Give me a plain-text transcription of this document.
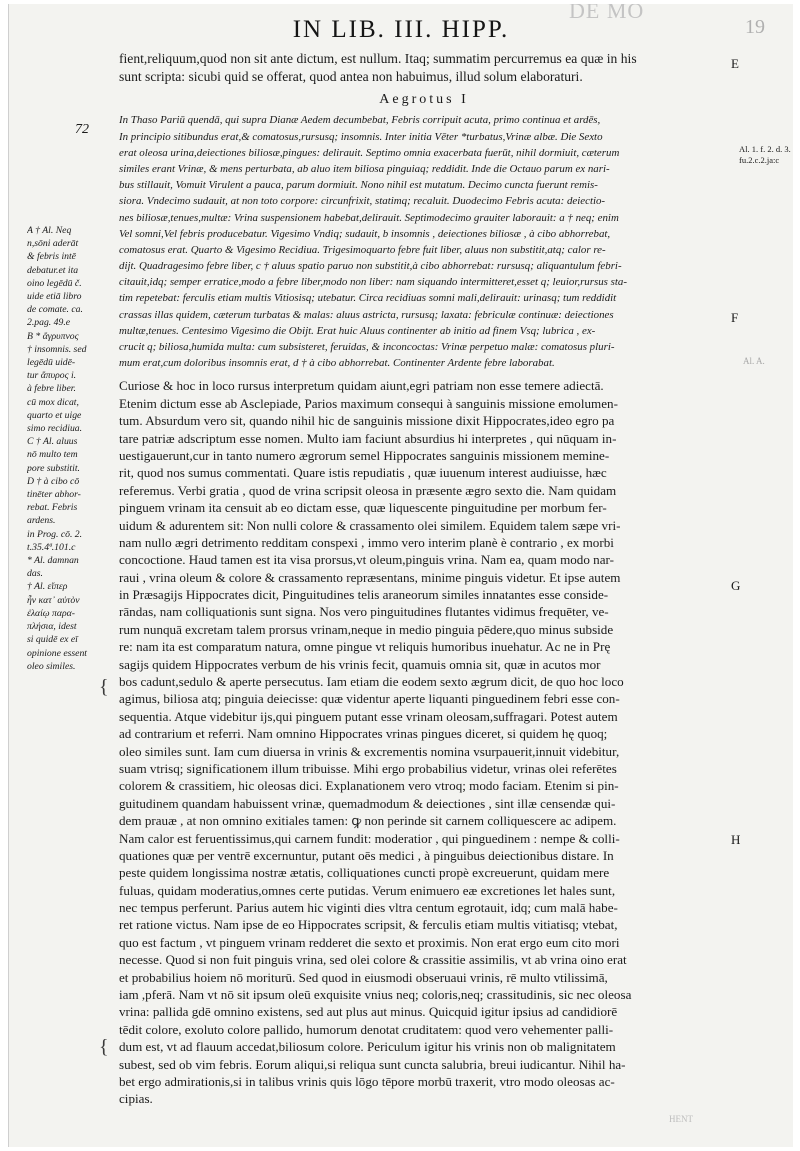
DE MO
IN LIB. III. HIPP.	19
72
fient,reliquum,quod non sit ante dictum, est nullum. Itaq; summatim percurremus ea quæ in his
sunt scripta: sicubi quid se offerat, quod antea non habuimus, illud solum elaboraturi.
Aegrotus I
In Thaso Pariū quendā, qui supra Dianæ Aedem decumbebat, Febris corripuit acuta, primo continua et ardēs,
In principio sitibundus erat,& comatosus,rursusq; insomnis. Inter initia Vēter *turbatus,Vrinæ albæ. Die Sexto
erat oleosa urina,deiectiones biliosæ,pingues: delirauit. Septimo omnia exacerbata fuerūt, nihil dormiuit, cæterum
similes erant Vrinæ, & mens perturbata, ab aluo item biliosa pinguiaq; reddidit. Inde die Octauo parum ex nari-
bus stillauit, Vomuit Virulent a pauca, parum dormiuit. Nono nihil est mutatum. Decimo cuncta fuerunt remis-
siora. Vndecimo sudauit, at non toto corpore: circunfrixit, statimq; recaluit. Duodecimo Febris acuta: deiectio-
nes biliosæ,tenues,multæ: Vrina suspensionem habebat,delirauit. Septimodecimo grauiter laborauit: a † neq; enim
Vel somni,Vel febris producebatur. Vigesimo Vndiq; sudauit, b insomnis , deiectiones biliosæ , à cibo abhorrebat,
comatosus erat. Quarto & Vigesimo Recidiua. Trigesimoquarto febre fuit liber, aluus non substitit,atq; calor re-
dijt. Quadragesimo febre liber, c † aluus spatio paruo non substitit,à cibo abhorrebat: rursusq; aliquantulum febri-
citauit,idq; semper erratice,modo a febre liber,modo non liber: nam siquando intermitteret,esset q; leuior,rursus sta-
tim repetebat: ferculis etiam multis Vitiosisq; utebatur. Circa recidiuas somni mali,delirauit: urinasq; tum reddidit
crassas illas quidem, cæterum turbatas & malas: aluus astricta, rursusq; laxata: febriculæ continuæ: deiectiones
multæ,tenues. Centesimo Vigesimo die Obijt. Erat huic Aluus continenter ab initio ad finem Vsq; lubrica , ex-
crucit q; biliosa,humida multa: cum subsisteret, feruidas, & inconcoctas: Vrinæ perpetuo malæ: comatosus pluri-
mum erat,cum doloribus insomnis erat, d † à cibo abhorrebat. Continenter Ardente febre laborabat.
Curiose & hoc in loco rursus interpretum quidam aiunt,egri patriam non esse temere adiectā.
Etenim dictum esse ab Asclepiade, Parios maximum consequi à sanguinis missione emolumen-
tum. Absurdum vero sit, quando nihil hic de sanguinis missione dixit Hippocrates,ideo egro pa
tare patriæ adscriptum esse nomen. Multo iam faciunt absurdius hi interpretes , qui nūquam in-
uestigauerunt,cur in tanto numero ægrorum semel Hippocrates sanguinis missionem memine-
rit, quod nos sumus commentati. Quare istis repudiatis , quæ iuuenum interest audiuisse, hæc
referemus. Verbi gratia , quod de vrina scripsit oleosa in præsente ægro sexto die. Nam quidam
pinguem vrinam ita censuit ab eo dictam esse, quæ liquescente pinguitudine per morbum fer-
uidum & adurentem sit: Non nulli colore & crassamento olei similem. Equidem talem sæpe vri-
nam nullo ægri detrimento redditam conspexi , immo vero interim planè è contrario , ex morbi
concoctione. Haud tamen est ita visa prorsus,vt oleum,pinguis vrina. Nam ea, quam modo nar-
raui , vrina oleum & colore & crassamento repræsentans, minime pinguis videtur. Et ipse autem
in Præsagijs Hippocrates dicit, Pinguitudines telis araneorum similes innatantes esse conside-
rāndas, nam colliquationis sunt signa. Nos vero pinguitudines flutantes vidimus frequēter, ve-
rum nunquā excretam talem prorsus vrinam,neque in medio pinguia pēdere,quo minus subside
re: nam ita est comparatum natura, omne pingue vt reliquis humoribus inuehatur. Ac ne in Prę
sagijs quidem Hippocrates verbum de his vrinis fecit, quamuis omnia sit, quæ in acutos mor
bos cadunt,sedulo & aperte persecutus. Iam etiam die eodem sexto ægrum dicit, de quo hoc loco
agimus, biliosa atq; pinguia deiecisse: quæ videntur aperte liquanti pinguedinem febri esse con-
sequentia. Atque videbitur ijs,qui pinguem putant esse vrinam oleosam,suffragari. Potest autem
ad contrarium et referri. Nam omnino Hippocrates vrinas pingues diceret, si quidem hę quoq;
oleo similes sunt. Iam cum diuersa in vrinis & excrementis nomina vsurpauerit,innuit videbitur,
suam vtrisq; significationem illum tribuisse. Mihi ergo probabilius videtur, vrinas olei referētes
colorem & crassitiem, hic oleosas dici. Explanationem vero vtroq; modo faciam. Etenim si pin-
guitudinem quandam habuissent vrinæ, quemadmodum & deiectiones , sint illæ censendæ qui-
dem prauæ , at non omnino exitiales tamen: ꝙ non perinde sit carnem colliquescere ac adipem.
Nam calor est feruentissimus,qui carnem fundit: moderatior , qui pinguedinem : nempe & colli-
quationes quæ per ventrē excernuntur, putant oēs medici , à pinguibus deiectionibus distare. In
peste quidem longissima nostræ ætatis, colliquationes cuncti propè excreuerunt, quidam mere
fuluas, quidam moderatius,omnes certe putidas. Verum enimuero eæ excretiones let hales sunt,
nec tempus perferunt. Parius autem hic viginti dies vltra centum egrotauit, idq; cum malā habe-
ret ratione victus. Nam ipse de eo Hippocrates scripsit, & ferculis etiam multis vitiatisq; vtebat,
quo est factum , vt pinguem vrinam redderet die sexto et proximis. Non erat ergo eum cito mori
necesse. Quod si non fuit pinguis vrina, sed olei colore & crassitie assimilis, vt ab vrina oino erat
et probabilius hoiem nō moriturū. Sed quod in eiusmodi obseruaui vrinis, rē multo vtilissimā,
iam ,pferā. Nam vt nō sit ipsum oleū exquisite vnius neq; coloris,neq; crassitudinis, sic nec oleosa
vrina: pallida gdē omnino existens, sed aut plus aut minus. Quicquid igitur ipsius ad candidiorē
tēdit colore, exoluto colore pallido, humorum denotat cruditatem: quod vero vehementer palli-
dum est, vt ad flauum accedat,biliosum colore. Periculum igitur his vrinis non ob malignitatem
subest, sed ob vim febris. Eorum aliqui,si reliqua sunt cuncta salubria, breui iudicantur. Nihil ha-
bet ergo admirationis,si in talibus vrinis quis lōgo tēpore morbū traxerit, vtro modo oleosas ac-
cipias.
E
F
G
H
A † Al. Neq
n,sōni aderāt
& febris intē
debatur.et ita
oino legēdū č.
uide etiā libro
de comate. ca.
2.pag. 49.e
B * ἄγρυπνος
† insomnis. sed
legēdū uidē-
tur ἄπυρος i.
à febre liber.
cū mox dicat,
quarto et uige
simo recidiua.
C † Al. aluus
nō multo tem
pore substitit.
D † à cibo cō
tinēter abhor-
rebat. Febris
ardens.
in Prog. cō. 2.
t.35.4ª.101.c
* Al. damnan
das.
† Al. εἴπερ
ἦν κατ᾽ αὐτὸν
ἐλαίῳ παρα-
πλήσια, idest
si quidē ex eī
opinione essent
oleo similes.
Al. 1. f. 2. d. 3.
fu.2.c.2.ja:c
Al. A.
{
{
HENT
